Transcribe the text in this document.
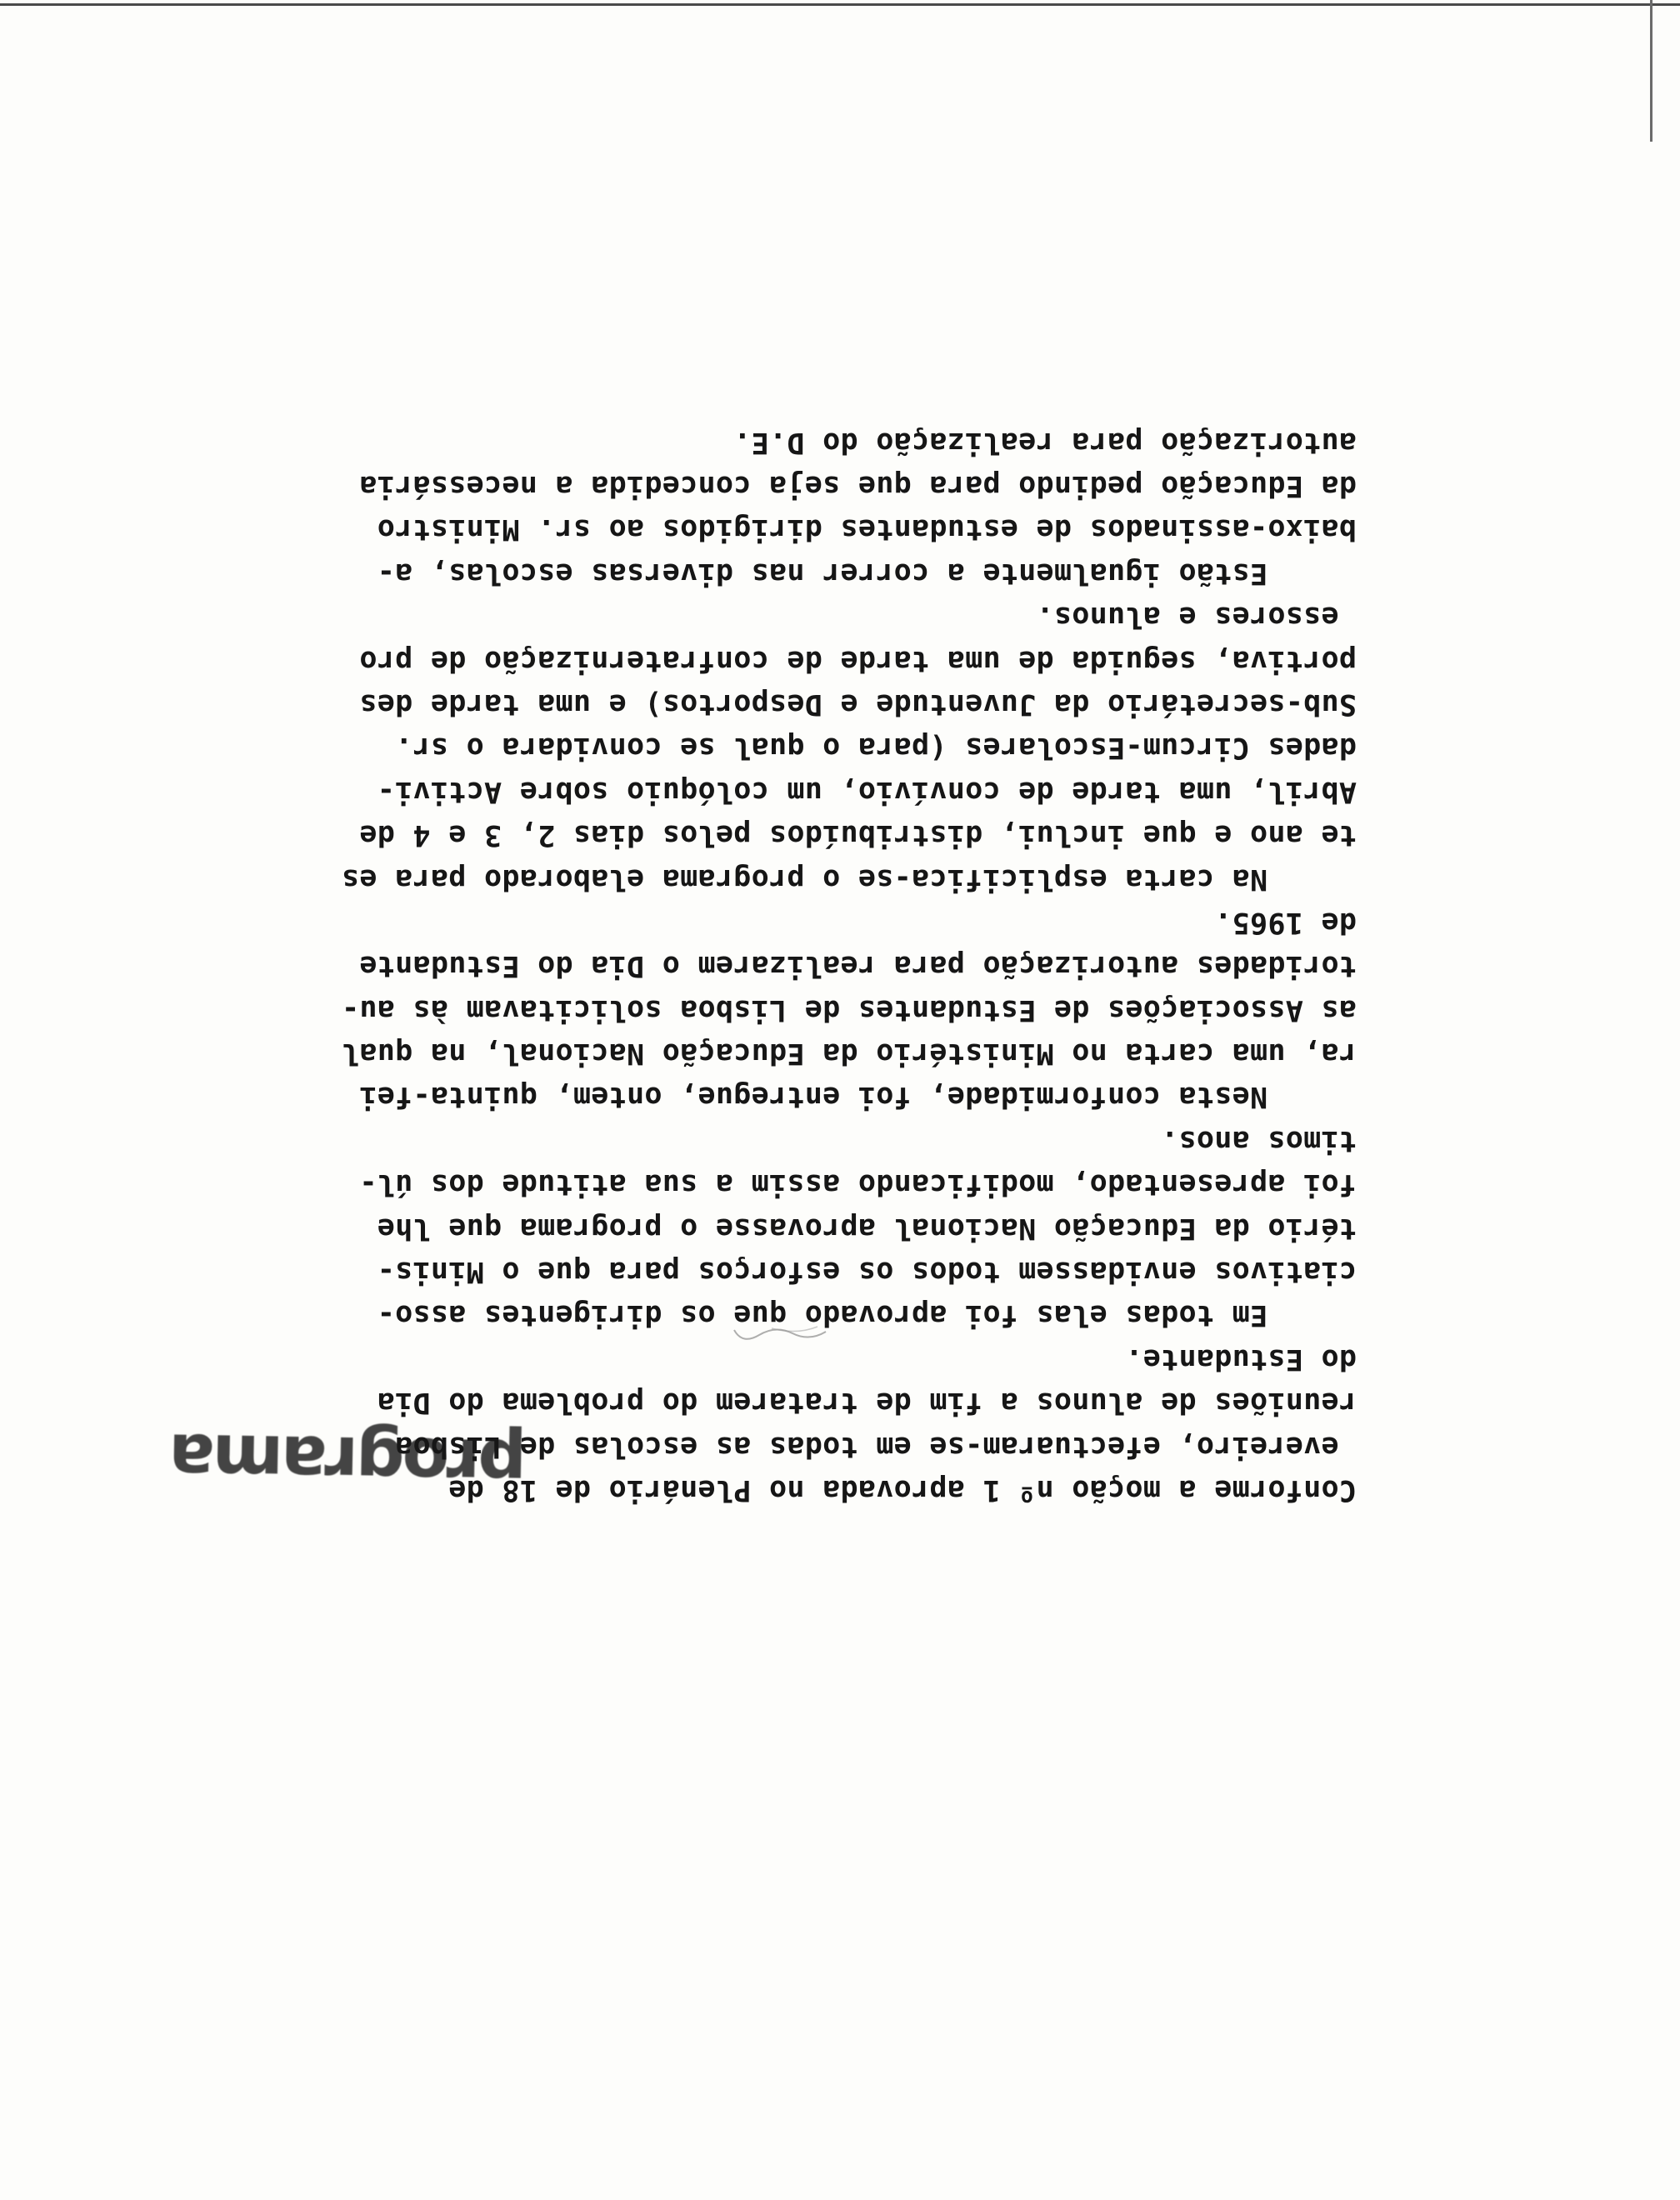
programa
Conforme a moção nº 1 aprovada no Plenário de 18 de
evereiro, efectuaram-se em todas as escolas de Lisboa
reuniões de alunos a fim de tratarem do problema do Dia
do Estudante.
Em todas elas foi aprovado que os dirigentes asso-
ciativos envidassem todos os esforços para que o Minis-
tério da Educação Nacional aprovasse o programa que lhe
foi apresentado, modificando assim a sua atitude dos úl-
timos anos.
Nesta conformidade, foi entregue, ontem, quinta-fei
ra, uma carta no Ministério da Educação Nacional, na qual
as Associações de Estudantes de Lisboa solicitavam às au-
toridades autorização para realizarem o Dia do Estudante
de 1965.
Na carta esplicifica-se o programa elaborado para es
te ano e que inclui, distribuídos pelos dias 2, 3 e 4 de
Abril, uma tarde de convívio, um colóquio sobre Activi-
dades Circum-Escolares (para o qual se convidara o sr.
Sub-secretário da Juventude e Desportos) e uma tarde des
portiva, seguida de uma tarde de confraternização de pro
essores e alunos.
Estão igualmente a correr nas diversas escolas, a-
baixo-assinados de estudantes dirigidos ao sr. Ministro
da Educação pedindo para que seja concedida a necessária
autorização para realização do D.E.
